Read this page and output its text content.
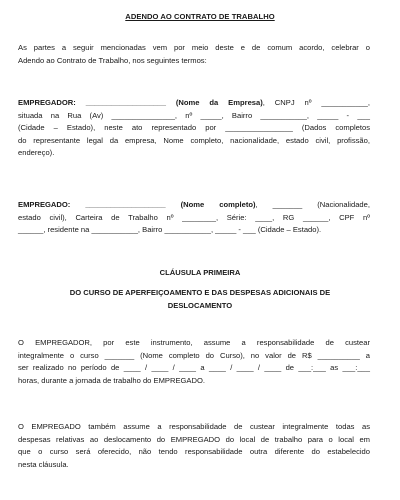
ADENDO AO CONTRATO DE TRABALHO

As partes a seguir mencionadas vem por meio deste e de comum acordo, celebrar o

Adendo ao Contrato de Trabalho, nos seguintes termos:

EMPREGADOR: ___________________ (Nome da Empresa), CNPJ nº ___________,

situada na Rua (Av) _______________, nº _____, Bairro ___________, _____ - ___

(Cidade – Estado), neste ato representado por ________________ (Dados completos

do representante legal da empresa, Nome completo, nacionalidade, estado civil, profissão,

endereço).

EMPREGADO: ___________________ (Nome completo), _______ (Nacionalidade,

estado civil), Carteira de Trabalho nº ________, Série: ____, RG ______, CPF nº

______, residente na ___________, Bairro ___________, _____ - ___ (Cidade – Estado).

CLÁUSULA PRIMEIRA
DO CURSO DE APERFEIÇOAMENTO E DAS DESPESAS ADICIONAIS DE
DESLOCAMENTO

O EMPREGADOR, por este instrumento, assume a responsabilidade de custear

integralmente o curso _______ (Nome completo do Curso), no valor de R$ __________ a

ser realizado no período de ____ / ____ / ____ a ____ / ____ / ____ de ___:___ as ___:___

horas, durante a jornada de trabalho do EMPREGADO.

O EMPREGADO também assume a responsabilidade de custear integralmente todas as

despesas relativas ao deslocamento do EMPREGADO do local de trabalho para o local em

que o curso será oferecido, não tendo responsabilidade outra diferente do estabelecido

nesta cláusula.
